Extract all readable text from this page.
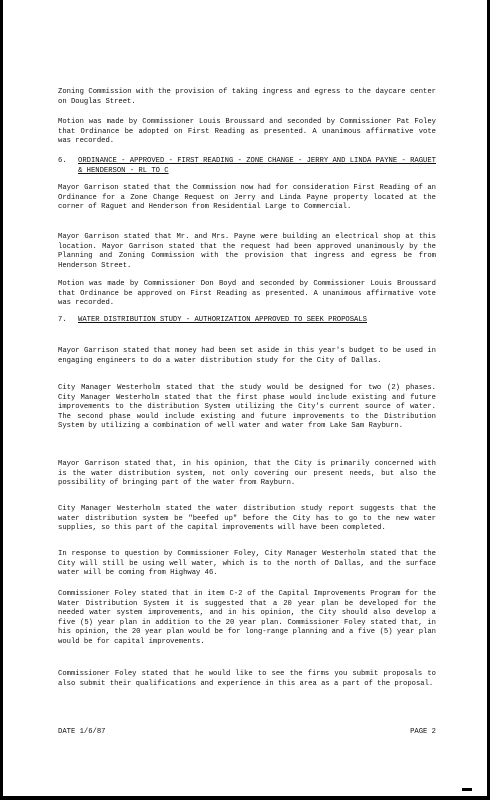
Zoning Commission with the provision of taking ingress and egress to the daycare center on Douglas Street.

Motion was made by Commissioner Louis Broussard and seconded by Commissioner Pat Foley that Ordinance be adopted on First Reading as presented. A unanimous affirmative vote was recorded.

6.	ORDINANCE - APPROVED - FIRST READING - ZONE CHANGE - JERRY AND LINDA PAYNE - RAGUET & HENDERSON - RL TO C

Mayor Garrison stated that the Commission now had for consideration First Reading of an Ordinance for a Zone Change Request on Jerry and Linda Payne property located at the corner of Raguet and Henderson from Residential Large to Commercial.

Mayor Garrison stated that Mr. and Mrs. Payne were building an electrical shop at this location. Mayor Garrison stated that the request had been approved unanimously by the Planning and Zoning Commission with the provision that ingress and egress be from Henderson Street.

Motion was made by Commissioner Don Boyd and seconded by Commissioner Louis Broussard that Ordinance be approved on First Reading as presented. A unanimous affirmative vote was recorded.

7.	WATER DISTRIBUTION STUDY - AUTHORIZATION APPROVED TO SEEK PROPOSALS

Mayor Garrison stated that money had been set aside in this year's budget to be used in engaging engineers to do a water distribution study for the City of Dallas.

City Manager Westerholm stated that the study would be designed for two (2) phases. City Manager Westerholm stated that the first phase would include existing and future improvements to the distribution System utilizing the City's current source of water. The second phase would include existing and future improvements to the Distribution System by utilizing a combination of well water and water from Lake Sam Rayburn.

Mayor Garrison stated that, in his opinion, that the City is primarily concerned with is the water distribution system, not only covering our present needs, but also the possibility of bringing part of the water from Rayburn.

City Manager Westerholm stated the water distribution study report suggests that the water distribution system be "beefed up" before the City has to go to the new water supplies, so this part of the capital improvements will have been completed.

In response to question by Commissioner Foley, City Manager Westerholm stated that the City will still be using well water, which is to the north of Dallas, and the surface water will be coming from Highway 46.

Commissioner Foley stated that in item C-2 of the Capital Improvements Program for the Water Distribution System it is suggested that a 20 year plan be developed for the needed water system improvements, and in his opinion, the City should also develop a five (5) year plan in addition to the 20 year plan. Commissioner Foley stated that, in his opinion, the 20 year plan would be for long-range planning and a five (5) year plan would be for capital improvements.

Commissioner Foley stated that he would like to see the firms you submit proposals to also submit their qualifications and experience in this area as a part of the proposal.

DATE 1/6/87	PAGE 2
